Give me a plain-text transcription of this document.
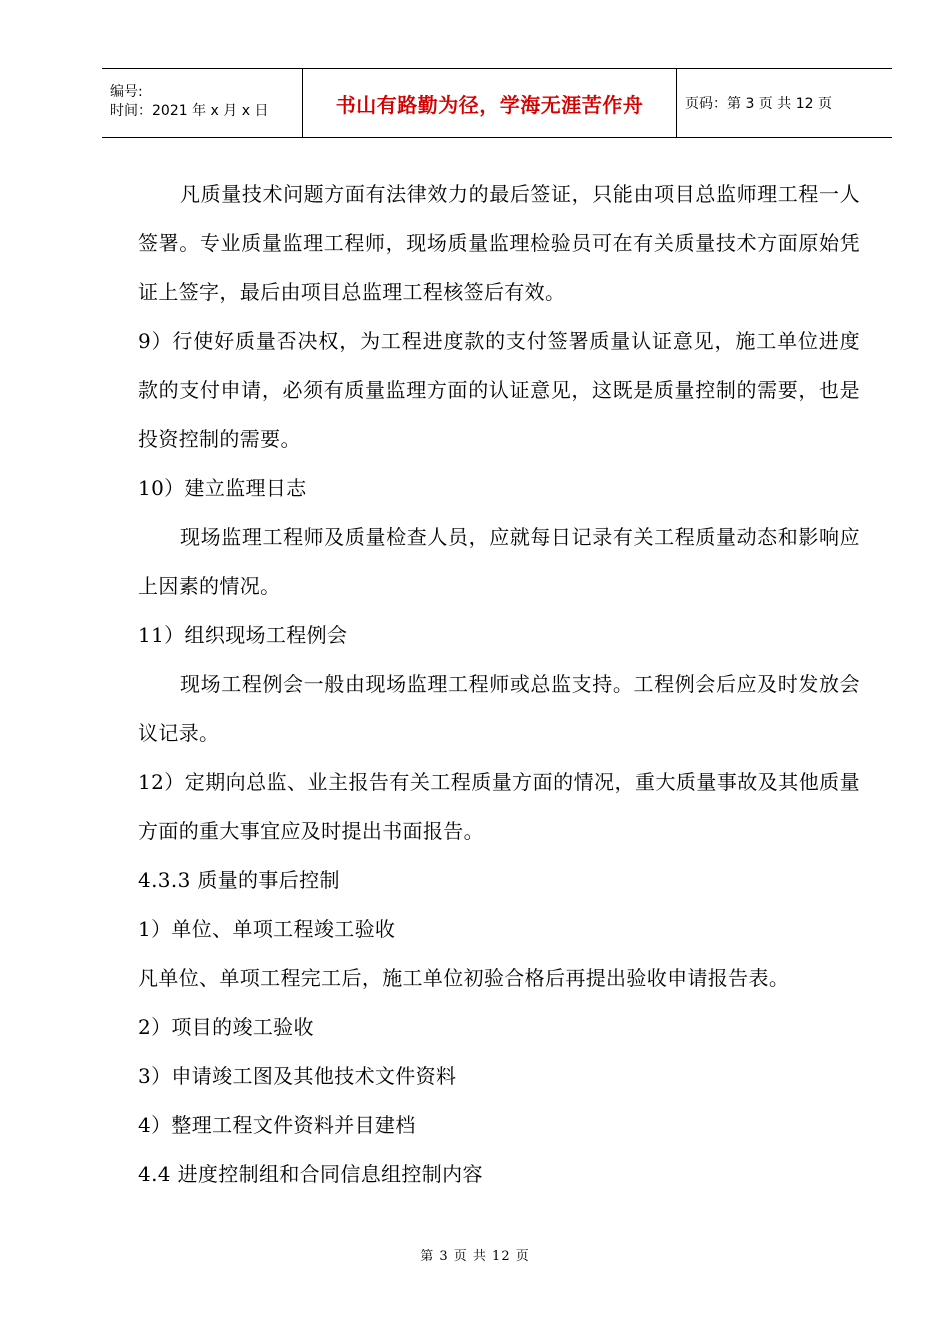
编号:
时间：2021 年 x 月 x 日	书山有路勤为径，学海无涯苦作舟	页码：第 3 页 共 12 页

凡质量技术问题方面有法律效力的最后签证，只能由项目总监师理工程一人签署。专业质量监理工程师，现场质量监理检验员可在有关质量技术方面原始凭证上签字，最后由项目总监理工程核签后有效。

9）行使好质量否决权，为工程进度款的支付签署质量认证意见，施工单位进度款的支付申请，必须有质量监理方面的认证意见，这既是质量控制的需要，也是投资控制的需要。

10）建立监理日志

现场监理工程师及质量检查人员，应就每日记录有关工程质量动态和影响应上因素的情况。

11）组织现场工程例会

现场工程例会一般由现场监理工程师或总监支持。工程例会后应及时发放会议记录。

12）定期向总监、业主报告有关工程质量方面的情况，重大质量事故及其他质量方面的重大事宜应及时提出书面报告。

4.3.3 质量的事后控制

1）单位、单项工程竣工验收

凡单位、单项工程完工后，施工单位初验合格后再提出验收申请报告表。

2）项目的竣工验收

3）申请竣工图及其他技术文件资料

4）整理工程文件资料并目建档

4.4 进度控制组和合同信息组控制内容

第 3 页 共 12 页
